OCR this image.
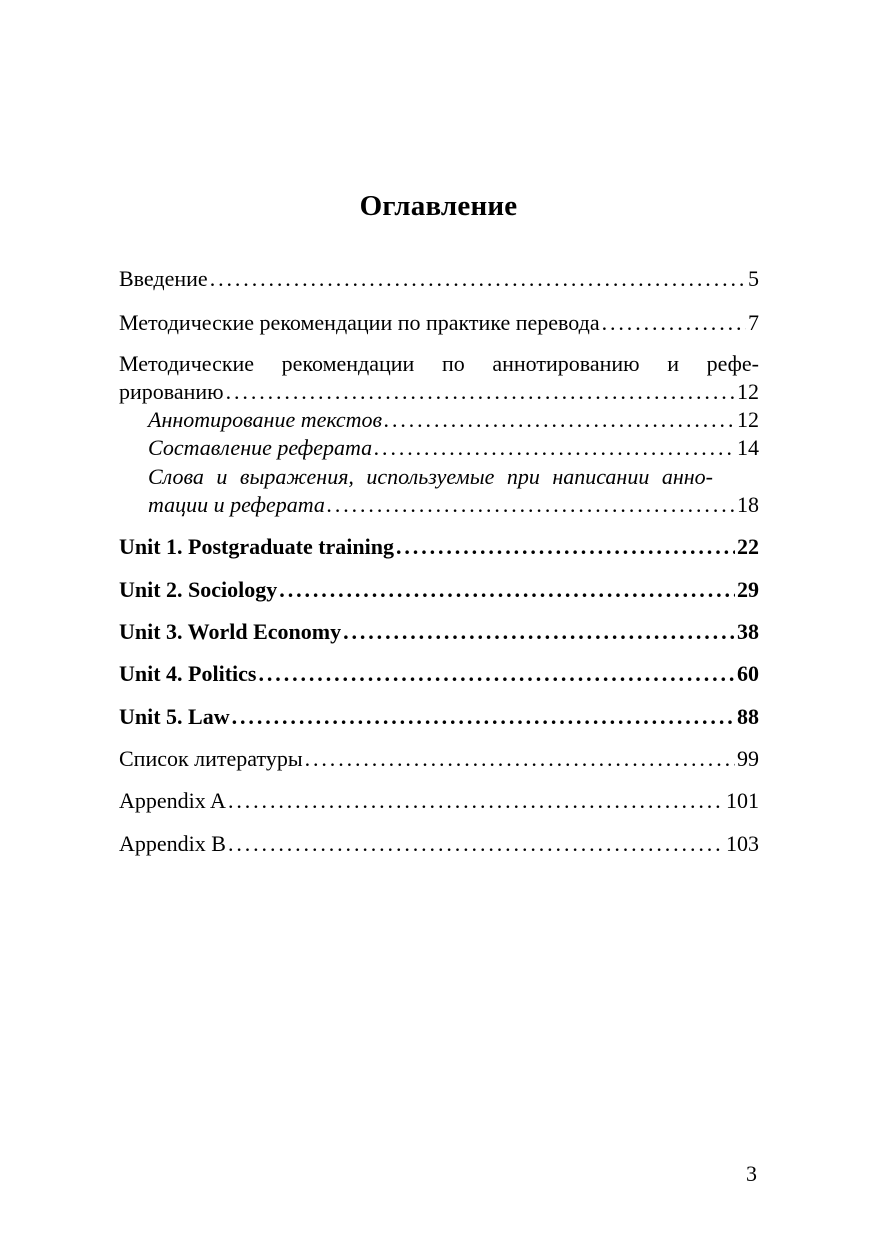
Оглавление
Введение . . .	5
Методические рекомендации по практике перевода . . .	7
Методические рекомендации по аннотированию и рефе-
рированию . . .	12
Аннотирование текстов . . .	12
Составление реферата . . .	14
Слова и выражения, используемые при написании анно-
тации и реферата . . .	18
Unit 1. Postgraduate training . . .	22
Unit 2. Sociology . . .	29
Unit 3. World Economy . . .	38
Unit 4. Politics . . .	60
Unit 5. Law . . .	88
Список литературы . . .	99
Appendix A . . .	101
Appendix B . . .	103
3
